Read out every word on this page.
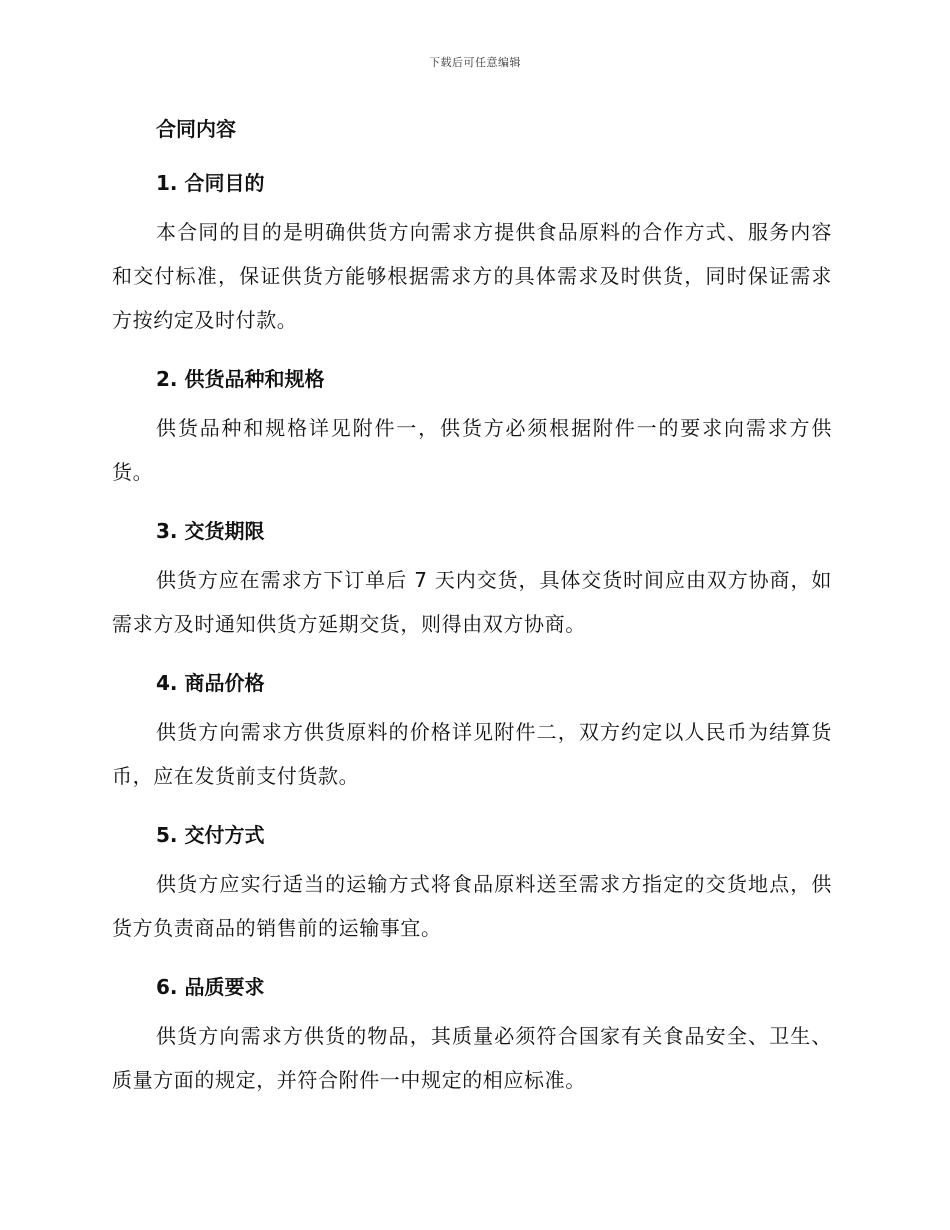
下载后可任意编辑
合同内容
1. 合同目的

本合同的目的是明确供货方向需求方提供食品原料的合作方式、服务内容和交付标准，保证供货方能够根据需求方的具体需求及时供货，同时保证需求方按约定及时付款。

2. 供货品种和规格

供货品种和规格详见附件一，供货方必须根据附件一的要求向需求方供货。

3. 交货期限

供货方应在需求方下订单后 7 天内交货，具体交货时间应由双方协商，如需求方及时通知供货方延期交货，则得由双方协商。

4. 商品价格

供货方向需求方供货原料的价格详见附件二，双方约定以人民币为结算货币，应在发货前支付货款。

5. 交付方式

供货方应实行适当的运输方式将食品原料送至需求方指定的交货地点，供货方负责商品的销售前的运输事宜。

6. 品质要求

供货方向需求方供货的物品，其质量必须符合国家有关食品安全、卫生、质量方面的规定，并符合附件一中规定的相应标准。
